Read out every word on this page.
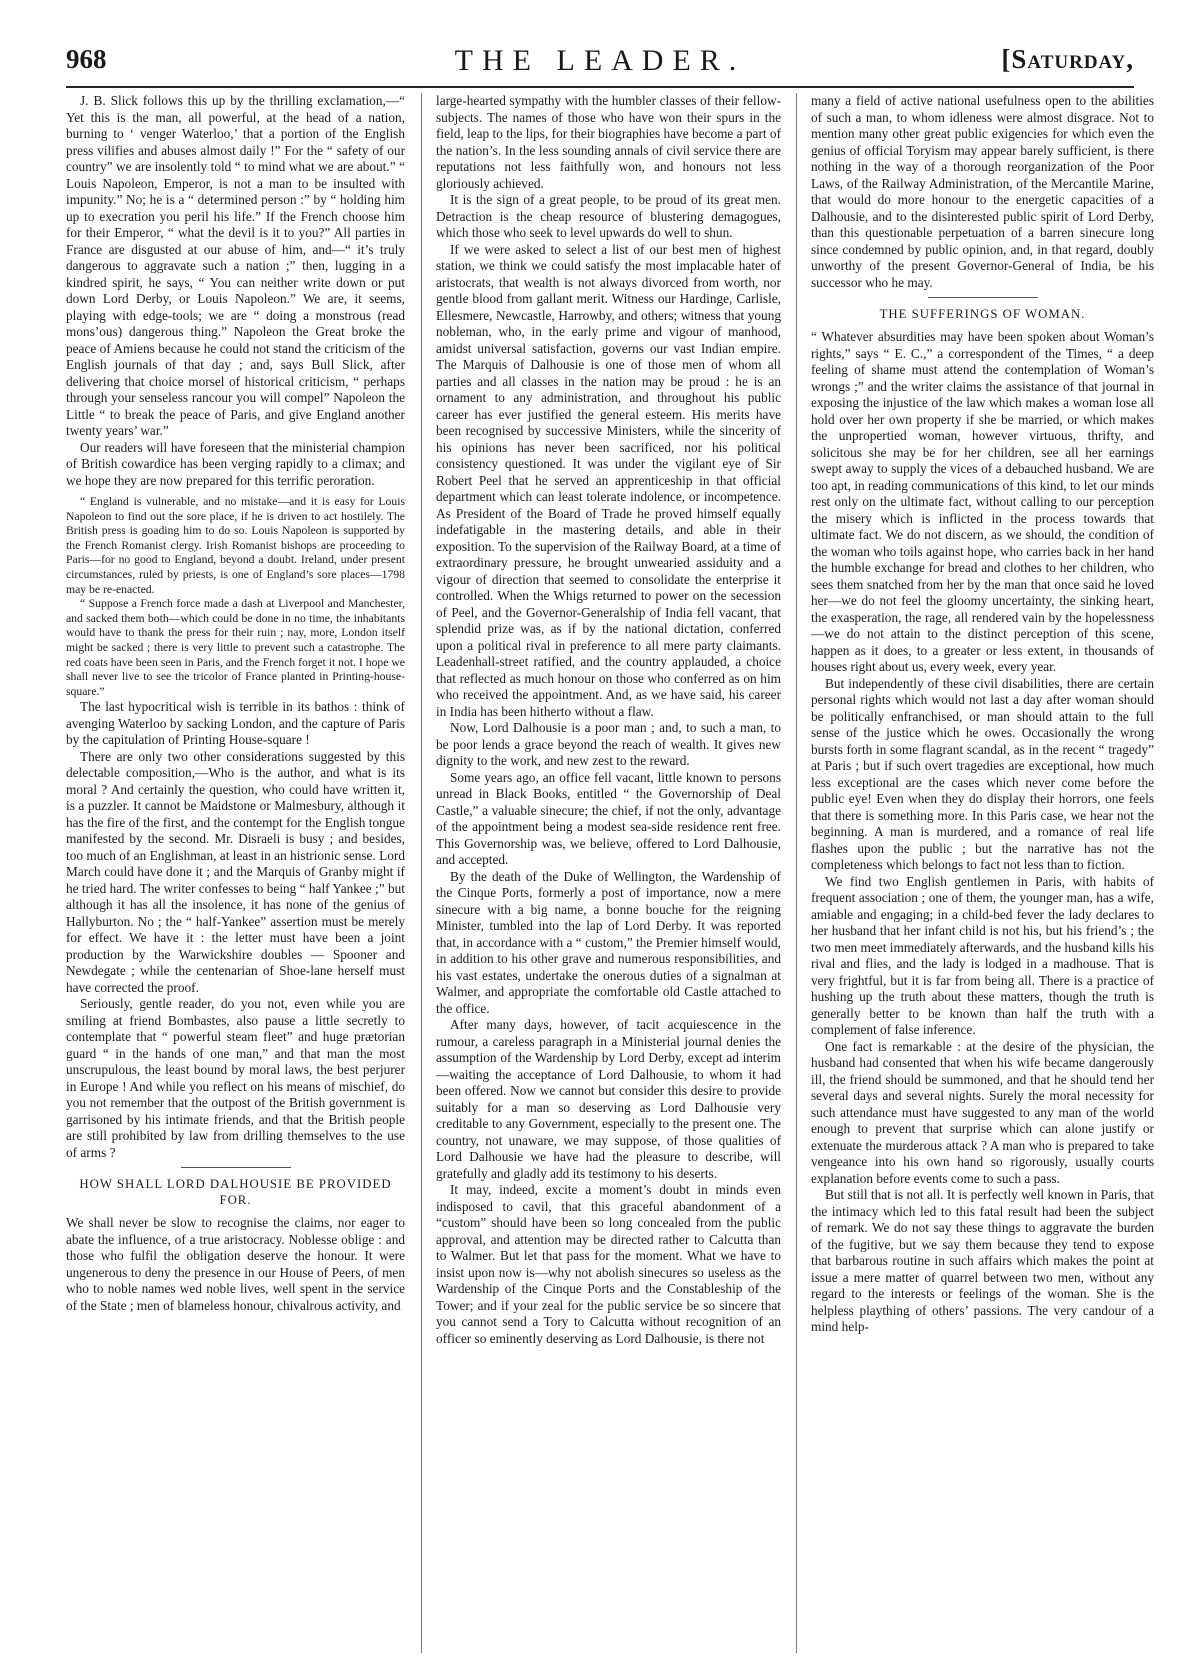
968	THE LEADER.	[Saturday,

J. B. Slick follows this up by the thrilling exclamation,—“ Yet this is the man, all powerful, at the head of a nation, burning to ‘ venger Waterloo,’ that a portion of the English press vilifies and abuses almost daily !” For the “ safety of our country” we are insolently told “ to mind what we are about.” “ Louis Napoleon, Emperor, is not a man to be insulted with impunity.” No; he is a “ determined person :” by “ holding him up to execration you peril his life.” If the French choose him for their Emperor, “ what the devil is it to you?” All parties in France are disgusted at our abuse of him, and—“ it’s truly dangerous to aggravate such a nation ;” then, lugging in a kindred spirit, he says, “ You can neither write down or put down Lord Derby, or Louis Napoleon.” We are, it seems, playing with edge-tools; we are “ doing a monstrous (read mons’ous) dangerous thing.” Napoleon the Great broke the peace of Amiens because he could not stand the criticism of the English journals of that day ; and, says Bull Slick, after delivering that choice morsel of historical criticism, “ perhaps through your senseless rancour you will compel” Napoleon the Little “ to break the peace of Paris, and give England another twenty years’ war.”

Our readers will have foreseen that the ministerial champion of British cowardice has been verging rapidly to a climax; and we hope they are now prepared for this terrific peroration.

“ England is vulnerable, and no mistake—and it is easy for Louis Napoleon to find out the sore place, if he is driven to act hostilely. The British press is goading him to do so. Louis Napoleon is supported by the French Romanist clergy. Irish Romanist bishops are proceeding to Paris—for no good to England, beyond a doubt. Ireland, under present circumstances, ruled by priests, is one of England’s sore places—1798 may be re-enacted.

“ Suppose a French force made a dash at Liverpool and Manchester, and sacked them both—which could be done in no time, the inhabitants would have to thank the press for their ruin ; nay, more, London itself might be sacked ; there is very little to prevent such a catastrophe. The red coats have been seen in Paris, and the French forget it not. I hope we shall never live to see the tricolor of France planted in Printing-house-square.”

The last hypocritical wish is terrible in its bathos : think of avenging Waterloo by sacking London, and the capture of Paris by the capitulation of Printing House-square !

There are only two other considerations suggested by this delectable composition,—Who is the author, and what is its moral ? And certainly the question, who could have written it, is a puzzler. It cannot be Maidstone or Malmesbury, although it has the fire of the first, and the contempt for the English tongue manifested by the second. Mr. Disraeli is busy ; and besides, too much of an Englishman, at least in an histrionic sense. Lord March could have done it ; and the Marquis of Granby might if he tried hard. The writer confesses to being “ half Yankee ;” but although it has all the insolence, it has none of the genius of Hallyburton. No ; the “ half-Yankee” assertion must be merely for effect. We have it : the letter must have been a joint production by the Warwickshire doubles — Spooner and Newdegate ; while the centenarian of Shoe-lane herself must have corrected the proof.

Seriously, gentle reader, do you not, even while you are smiling at friend Bombastes, also pause a little secretly to contemplate that “ powerful steam fleet” and huge prætorian guard “ in the hands of one man,” and that man the most unscrupulous, the least bound by moral laws, the best perjurer in Europe ! And while you reflect on his means of mischief, do you not remember that the outpost of the British government is garrisoned by his intimate friends, and that the British people are still prohibited by law from drilling themselves to the use of arms ?

HOW SHALL LORD DALHOUSIE BE PROVIDED FOR.

We shall never be slow to recognise the claims, nor eager to abate the influence, of a true aristocracy. Noblesse oblige : and those who fulfil the obligation deserve the honour. It were ungenerous to deny the presence in our House of Peers, of men who to noble names wed noble lives, well spent in the service of the State ; men of blameless honour, chivalrous activity, and

large-hearted sympathy with the humbler classes of their fellow-subjects. The names of those who have won their spurs in the field, leap to the lips, for their biographies have become a part of the nation’s. In the less sounding annals of civil service there are reputations not less faithfully won, and honours not less gloriously achieved.

It is the sign of a great people, to be proud of its great men. Detraction is the cheap resource of blustering demagogues, which those who seek to level upwards do well to shun.

If we were asked to select a list of our best men of highest station, we think we could satisfy the most implacable hater of aristocrats, that wealth is not always divorced from worth, nor gentle blood from gallant merit. Witness our Hardinge, Carlisle, Ellesmere, Newcastle, Harrowby, and others; witness that young nobleman, who, in the early prime and vigour of manhood, amidst universal satisfaction, governs our vast Indian empire. The Marquis of Dalhousie is one of those men of whom all parties and all classes in the nation may be proud : he is an ornament to any administration, and throughout his public career has ever justified the general esteem. His merits have been recognised by successive Ministers, while the sincerity of his opinions has never been sacrificed, nor his political consistency questioned. It was under the vigilant eye of Sir Robert Peel that he served an apprenticeship in that official department which can least tolerate indolence, or incompetence. As President of the Board of Trade he proved himself equally indefatigable in the mastering details, and able in their exposition. To the supervision of the Railway Board, at a time of extraordinary pressure, he brought unwearied assiduity and a vigour of direction that seemed to consolidate the enterprise it controlled. When the Whigs returned to power on the secession of Peel, and the Governor-Generalship of India fell vacant, that splendid prize was, as if by the national dictation, conferred upon a political rival in preference to all mere party claimants. Leadenhall-street ratified, and the country applauded, a choice that reflected as much honour on those who conferred as on him who received the appointment. And, as we have said, his career in India has been hitherto without a flaw.

Now, Lord Dalhousie is a poor man ; and, to such a man, to be poor lends a grace beyond the reach of wealth. It gives new dignity to the work, and new zest to the reward.

Some years ago, an office fell vacant, little known to persons unread in Black Books, entitled “ the Governorship of Deal Castle,” a valuable sinecure; the chief, if not the only, advantage of the appointment being a modest sea-side residence rent free. This Governorship was, we believe, offered to Lord Dalhousie, and accepted.

By the death of the Duke of Wellington, the Wardenship of the Cinque Ports, formerly a post of importance, now a mere sinecure with a big name, a bonne bouche for the reigning Minister, tumbled into the lap of Lord Derby. It was reported that, in accordance with a “ custom,” the Premier himself would, in addition to his other grave and numerous responsibilities, and his vast estates, undertake the onerous duties of a signalman at Walmer, and appropriate the comfortable old Castle attached to the office.

After many days, however, of tacit acquiescence in the rumour, a careless paragraph in a Ministerial journal denies the assumption of the Wardenship by Lord Derby, except ad interim—waiting the acceptance of Lord Dalhousie, to whom it had been offered. Now we cannot but consider this desire to provide suitably for a man so deserving as Lord Dalhousie very creditable to any Government, especially to the present one. The country, not unaware, we may suppose, of those qualities of Lord Dalhousie we have had the pleasure to describe, will gratefully and gladly add its testimony to his deserts.

It may, indeed, excite a moment’s doubt in minds even indisposed to cavil, that this graceful abandonment of a “custom” should have been so long concealed from the public approval, and attention may be directed rather to Calcutta than to Walmer. But let that pass for the moment. What we have to insist upon now is—why not abolish sinecures so useless as the Wardenship of the Cinque Ports and the Constableship of the Tower; and if your zeal for the public service be so sincere that you cannot send a Tory to Calcutta without recognition of an officer so eminently deserving as Lord Dalhousie, is there not

many a field of active national usefulness open to the abilities of such a man, to whom idleness were almost disgrace. Not to mention many other great public exigencies for which even the genius of official Toryism may appear barely sufficient, is there nothing in the way of a thorough reorganization of the Poor Laws, of the Railway Administration, of the Mercantile Marine, that would do more honour to the energetic capacities of a Dalhousie, and to the disinterested public spirit of Lord Derby, than this questionable perpetuation of a barren sinecure long since condemned by public opinion, and, in that regard, doubly unworthy of the present Governor-General of India, be his successor who he may.

THE SUFFERINGS OF WOMAN.

“ Whatever absurdities may have been spoken about Woman’s rights,” says “ E. C.,” a correspondent of the Times, “ a deep feeling of shame must attend the contemplation of Woman’s wrongs ;” and the writer claims the assistance of that journal in exposing the injustice of the law which makes a woman lose all hold over her own property if she be married, or which makes the unpropertied woman, however virtuous, thrifty, and solicitous she may be for her children, see all her earnings swept away to supply the vices of a debauched husband. We are too apt, in reading communications of this kind, to let our minds rest only on the ultimate fact, without calling to our perception the misery which is inflicted in the process towards that ultimate fact. We do not discern, as we should, the condition of the woman who toils against hope, who carries back in her hand the humble exchange for bread and clothes to her children, who sees them snatched from her by the man that once said he loved her—we do not feel the gloomy uncertainty, the sinking heart, the exasperation, the rage, all rendered vain by the hopelessness—we do not attain to the distinct perception of this scene, happen as it does, to a greater or less extent, in thousands of houses right about us, every week, every year.

But independently of these civil disabilities, there are certain personal rights which would not last a day after woman should be politically enfranchised, or man should attain to the full sense of the justice which he owes. Occasionally the wrong bursts forth in some flagrant scandal, as in the recent “ tragedy” at Paris ; but if such overt tragedies are exceptional, how much less exceptional are the cases which never come before the public eye! Even when they do display their horrors, one feels that there is something more. In this Paris case, we hear not the beginning. A man is murdered, and a romance of real life flashes upon the public ; but the narrative has not the completeness which belongs to fact not less than to fiction.

We find two English gentlemen in Paris, with habits of frequent association ; one of them, the younger man, has a wife, amiable and engaging; in a child-bed fever the lady declares to her husband that her infant child is not his, but his friend’s ; the two men meet immediately afterwards, and the husband kills his rival and flies, and the lady is lodged in a madhouse. That is very frightful, but it is far from being all. There is a practice of hushing up the truth about these matters, though the truth is generally better to be known than half the truth with a complement of false inference.

One fact is remarkable : at the desire of the physician, the husband had consented that when his wife became dangerously ill, the friend should be summoned, and that he should tend her several days and several nights. Surely the moral necessity for such attendance must have suggested to any man of the world enough to prevent that surprise which can alone justify or extenuate the murderous attack ? A man who is prepared to take vengeance into his own hand so rigorously, usually courts explanation before events come to such a pass.

But still that is not all. It is perfectly well known in Paris, that the intimacy which led to this fatal result had been the subject of remark. We do not say these things to aggravate the burden of the fugitive, but we say them because they tend to expose that barbarous routine in such affairs which makes the point at issue a mere matter of quarrel between two men, without any regard to the interests or feelings of the woman. She is the helpless plaything of others’ passions. The very candour of a mind help-
